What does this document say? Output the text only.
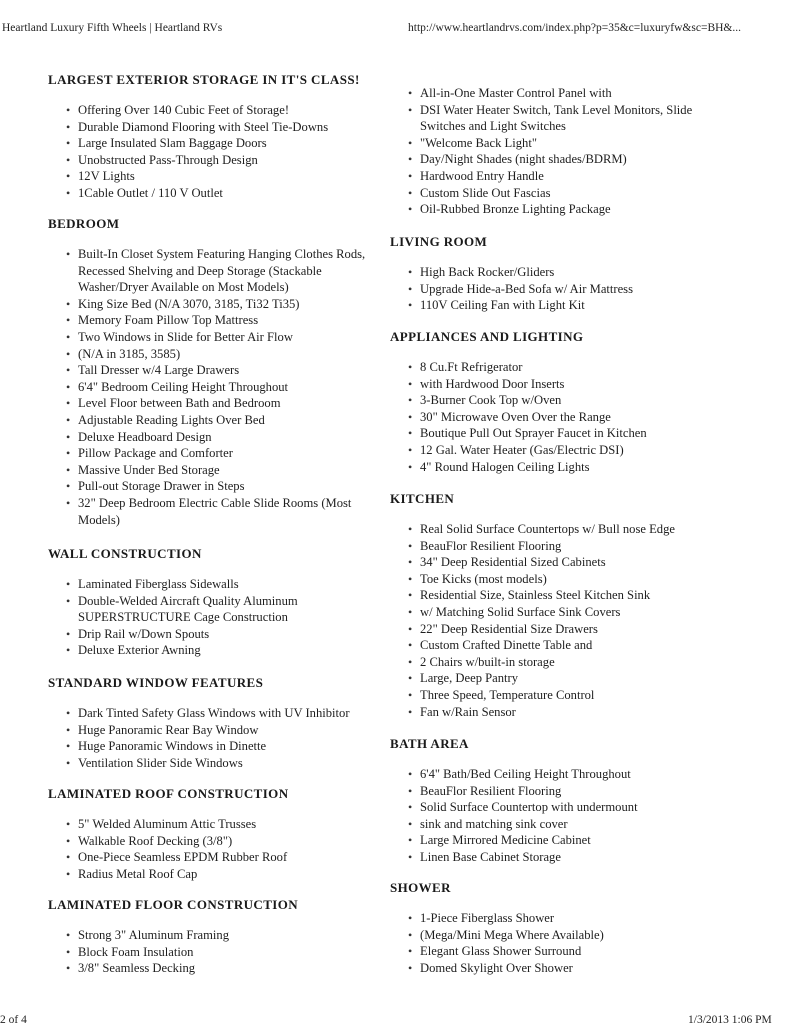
Heartland Luxury Fifth Wheels | Heartland RVs	http://www.heartlandrvs.com/index.php?p=35&c=luxuryfw&sc=BH&...
LARGEST EXTERIOR STORAGE IN IT'S CLASS!
• Offering Over 140 Cubic Feet of Storage!
• Durable Diamond Flooring with Steel Tie-Downs
• Large Insulated Slam Baggage Doors
• Unobstructed Pass-Through Design
• 12V Lights
• 1Cable Outlet / 110 V Outlet
BEDROOM
• Built-In Closet System Featuring Hanging Clothes Rods, Recessed Shelving and Deep Storage (Stackable Washer/Dryer Available on Most Models)
• King Size Bed (N/A 3070, 3185, Ti32 Ti35)
• Memory Foam Pillow Top Mattress
• Two Windows in Slide for Better Air Flow
• (N/A in 3185, 3585)
• Tall Dresser w/4 Large Drawers
• 6'4" Bedroom Ceiling Height Throughout
• Level Floor between Bath and Bedroom
• Adjustable Reading Lights Over Bed
• Deluxe Headboard Design
• Pillow Package and Comforter
• Massive Under Bed Storage
• Pull-out Storage Drawer in Steps
• 32" Deep Bedroom Electric Cable Slide Rooms (Most Models)
WALL CONSTRUCTION
• Laminated Fiberglass Sidewalls
• Double-Welded Aircraft Quality Aluminum SUPERSTRUCTURE Cage Construction
• Drip Rail w/Down Spouts
• Deluxe Exterior Awning
STANDARD WINDOW FEATURES
• Dark Tinted Safety Glass Windows with UV Inhibitor
• Huge Panoramic Rear Bay Window
• Huge Panoramic Windows in Dinette
• Ventilation Slider Side Windows
LAMINATED ROOF CONSTRUCTION
• 5" Welded Aluminum Attic Trusses
• Walkable Roof Decking (3/8")
• One-Piece Seamless EPDM Rubber Roof
• Radius Metal Roof Cap
LAMINATED FLOOR CONSTRUCTION
• Strong 3" Aluminum Framing
• Block Foam Insulation
• 3/8" Seamless Decking
• All-in-One Master Control Panel with
• DSI Water Heater Switch, Tank Level Monitors, Slide Switches and Light Switches
• "Welcome Back Light"
• Day/Night Shades (night shades/BDRM)
• Hardwood Entry Handle
• Custom Slide Out Fascias
• Oil-Rubbed Bronze Lighting Package
LIVING ROOM
• High Back Rocker/Gliders
• Upgrade Hide-a-Bed Sofa w/ Air Mattress
• 110V Ceiling Fan with Light Kit
APPLIANCES AND LIGHTING
• 8 Cu.Ft Refrigerator
• with Hardwood Door Inserts
• 3-Burner Cook Top w/Oven
• 30" Microwave Oven Over the Range
• Boutique Pull Out Sprayer Faucet in Kitchen
• 12 Gal. Water Heater (Gas/Electric DSI)
• 4" Round Halogen Ceiling Lights
KITCHEN
• Real Solid Surface Countertops w/ Bull nose Edge
• BeauFlor Resilient Flooring
• 34" Deep Residential Sized Cabinets
• Toe Kicks (most models)
• Residential Size, Stainless Steel Kitchen Sink
• w/ Matching Solid Surface Sink Covers
• 22" Deep Residential Size Drawers
• Custom Crafted Dinette Table and
• 2 Chairs w/built-in storage
• Large, Deep Pantry
• Three Speed, Temperature Control
• Fan w/Rain Sensor
BATH AREA
• 6'4" Bath/Bed Ceiling Height Throughout
• BeauFlor Resilient Flooring
• Solid Surface Countertop with undermount
• sink and matching sink cover
• Large Mirrored Medicine Cabinet
• Linen Base Cabinet Storage
SHOWER
• 1-Piece Fiberglass Shower
• (Mega/Mini Mega Where Available)
• Elegant Glass Shower Surround
• Domed Skylight Over Shower
2 of 4	1/3/2013 1:06 PM
